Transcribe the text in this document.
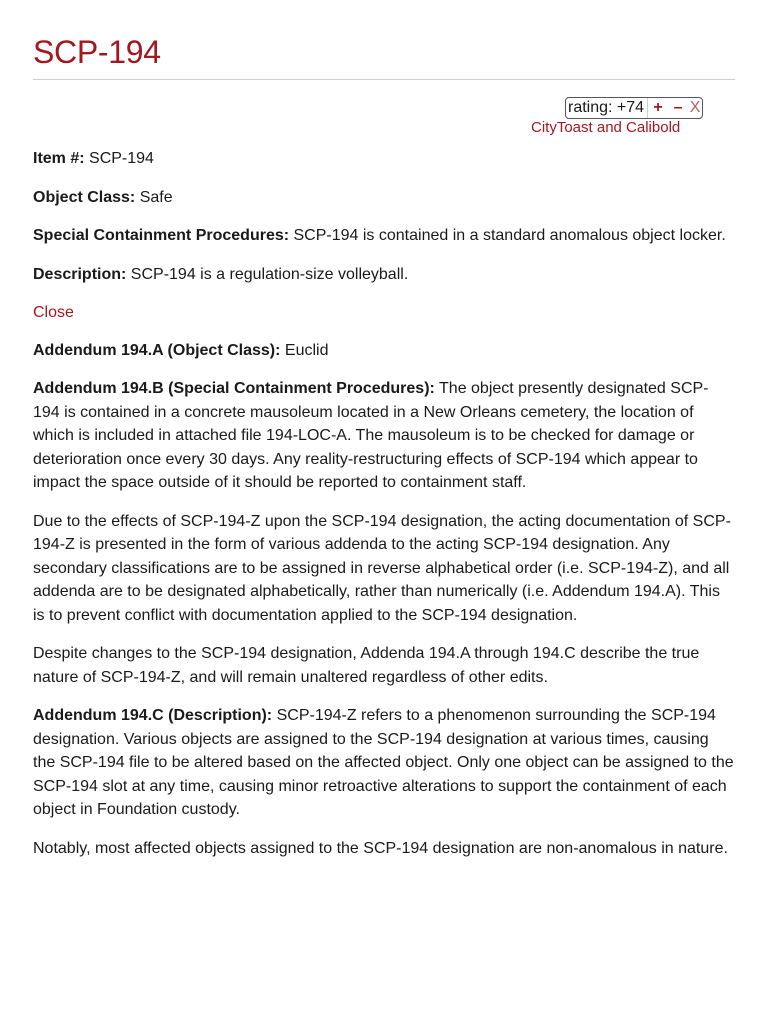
SCP-194
rating: +74 + – X
CityToast and Calibold

Item #: SCP-194

Object Class: Safe

Special Containment Procedures: SCP-194 is contained in a standard anomalous object locker.

Description: SCP-194 is a regulation-size volleyball.

Close

Addendum 194.A (Object Class): Euclid

Addendum 194.B (Special Containment Procedures): The object presently designated SCP-194 is contained in a concrete mausoleum located in a New Orleans cemetery, the location of which is included in attached file 194-LOC-A. The mausoleum is to be checked for damage or deterioration once every 30 days. Any reality-restructuring effects of SCP-194 which appear to impact the space outside of it should be reported to containment staff.

Due to the effects of SCP-194-Z upon the SCP-194 designation, the acting documentation of SCP-194-Z is presented in the form of various addenda to the acting SCP-194 designation. Any secondary classifications are to be assigned in reverse alphabetical order (i.e. SCP-194-Z), and all addenda are to be designated alphabetically, rather than numerically (i.e. Addendum 194.A). This is to prevent conflict with documentation applied to the SCP-194 designation.

Despite changes to the SCP-194 designation, Addenda 194.A through 194.C describe the true nature of SCP-194-Z, and will remain unaltered regardless of other edits.

Addendum 194.C (Description): SCP-194-Z refers to a phenomenon surrounding the SCP-194 designation. Various objects are assigned to the SCP-194 designation at various times, causing the SCP-194 file to be altered based on the affected object. Only one object can be assigned to the SCP-194 slot at any time, causing minor retroactive alterations to support the containment of each object in Foundation custody.

Notably, most affected objects assigned to the SCP-194 designation are non-anomalous in nature.
